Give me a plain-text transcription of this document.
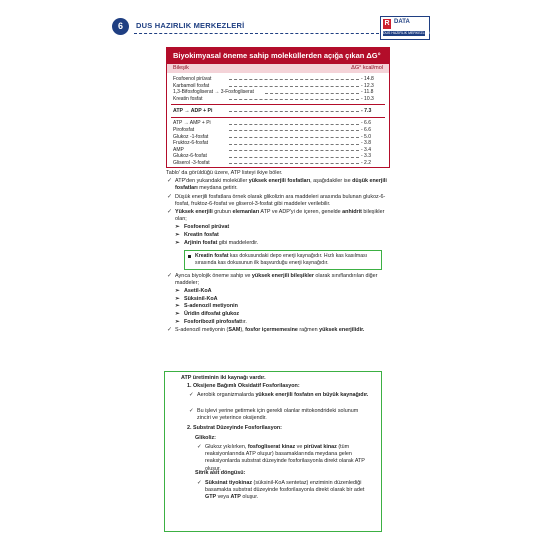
6	DUS HAZIRLIK MERKEZLERİ	R DATA
DUS HAZIRLIK MERKEZLERİ
Biyokimyasal öneme sahip moleküllerden açığa çıkan ΔG°
Bileşik	ΔG° kcal/mol
Fosfoenol pirüvat	- 14.8
Karbamoil fosfat	- 12.3
1,3-Bifosfogliserat → 3-Fosfogliserat	- 11.8
Kreatin fosfat	- 10.3
ATP → ADP + Pi	- 7.3
ATP → AMP + Pi	- 6.6
Pirofosfat	- 6.6
Glukoz -1-fosfat	- 5.0
Fruktoz-6-fosfat	- 3.8
AMP	- 3.4
Glukoz-6-fosfat	- 3.3
Gliserol -3-fosfat	- 2.2

Tablo' da görüldüğü üzere, ATP listeyi ikiye böler.

✓ ATP'den yukarıdaki moleküller yüksek enerjili fosfatları, aşağıdakiler ise düşük enerjili fosfatları meydana getirir.
✓ Düşük enerjili fosfatlara örnek olarak glikolizin ara maddeleri arasında bulunan glukoz-6-fosfat, fruktoz-6-fosfat ve gliserol-3-fosfat gibi maddeler verilebilir.
✓ Yüksek enerjili grubun elemanları ATP ve ADP'yi de içeren, genelde anhidrit bileşikler olan;
➢ Fosfoenol pirüvat
➢ Kreatin fosfat
➢ Arjinin fosfat gibi maddelerdir.
Kreatin fosfat kas dokusundaki depo enerji kaynağıdır. Hızlı kas kasılması sırasında kas dokusunun ilk başvurduğu enerji kaynağıdır.
✓ Ayrıca biyolojik öneme sahip ve yüksek enerjili bileşikler olarak sınıflandırılan diğer maddeler;
➢ Asetil-KoA
➢ Süksinil-KoA
➢ S-adenozil metiyonin
➢ Üridin difosfat glukoz
➢ Fosforibozil pirofosfattır.
✓ S-adenozil metiyonin (SAM), fosfor içermemesine rağmen yüksek enerjilidir.
ATP üretiminin iki kaynağı vardır.
1. Oksijene Bağımlı Oksidatif Fosforilasyon:
✓ Aerobik organizmalarda yüksek enerjili fosfatın en büyük kaynağıdır.
✓ Bu işlevi yerine getirmek için gerekli olanlar mitokondrideki solunum zinciri ve yeterince oksijendir.
2. Substrat Düzeyinde Fosforilasyon:
Glikoliz:
✓ Glukoz yıkılırken, fosfogliserat kinaz ve pirüvat kinaz (tüm reaksiyonlarında ATP oluşur) basamaklarında meydana gelen reaksiyonlarda substrat düzeyinde fosforilasyonla direkt olarak ATP oluşur.
Sitrik asit döngüsü:
✓ Süksinat tiyokinaz (süksinil-KoA sentetaz) enziminin düzenlediği basamakta substrat düzeyinde fosforilasyonla direkt olarak bir adet GTP veya ATP oluşur.
